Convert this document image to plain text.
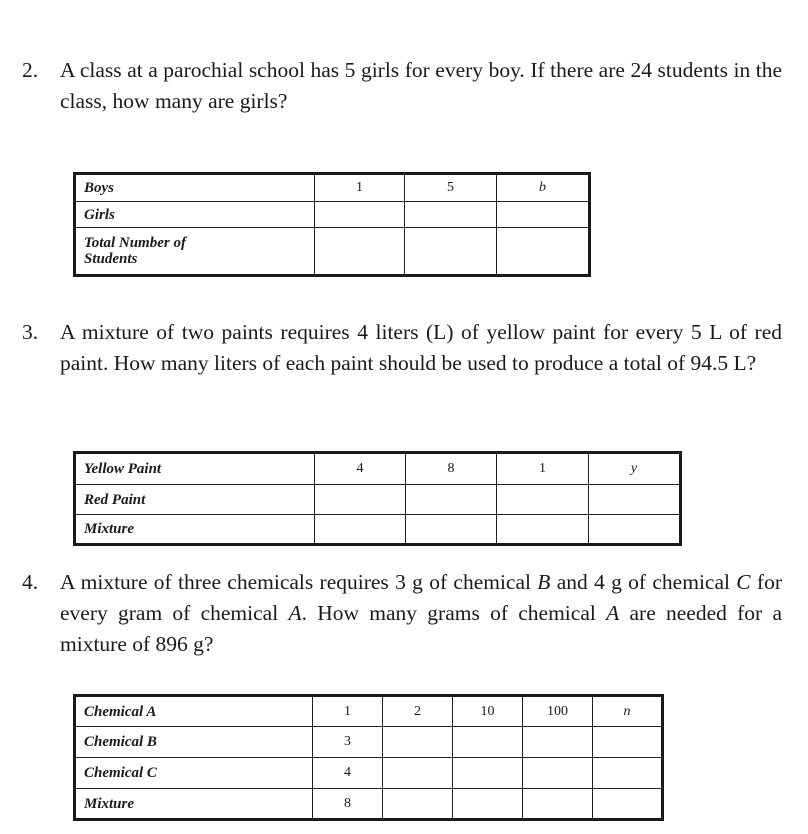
2. A class at a parochial school has 5 girls for every boy. If there are 24 students in the class, how many are girls?
Boys	1	5	b
Girls			
Total Number of
Students			
3. A mixture of two paints requires 4 liters (L) of yellow paint for every 5 L of red paint. How many liters of each paint should be used to produce a total of 94.5 L?
Yellow Paint	4	8	1	y
Red Paint				
Mixture				
4. A mixture of three chemicals requires 3 g of chemical B and 4 g of chemical C for every gram of chemical A. How many grams of chemical A are needed for a mixture of 896 g?
Chemical A	1	2	10	100	n
Chemical B	3				
Chemical C	4				
Mixture	8				
